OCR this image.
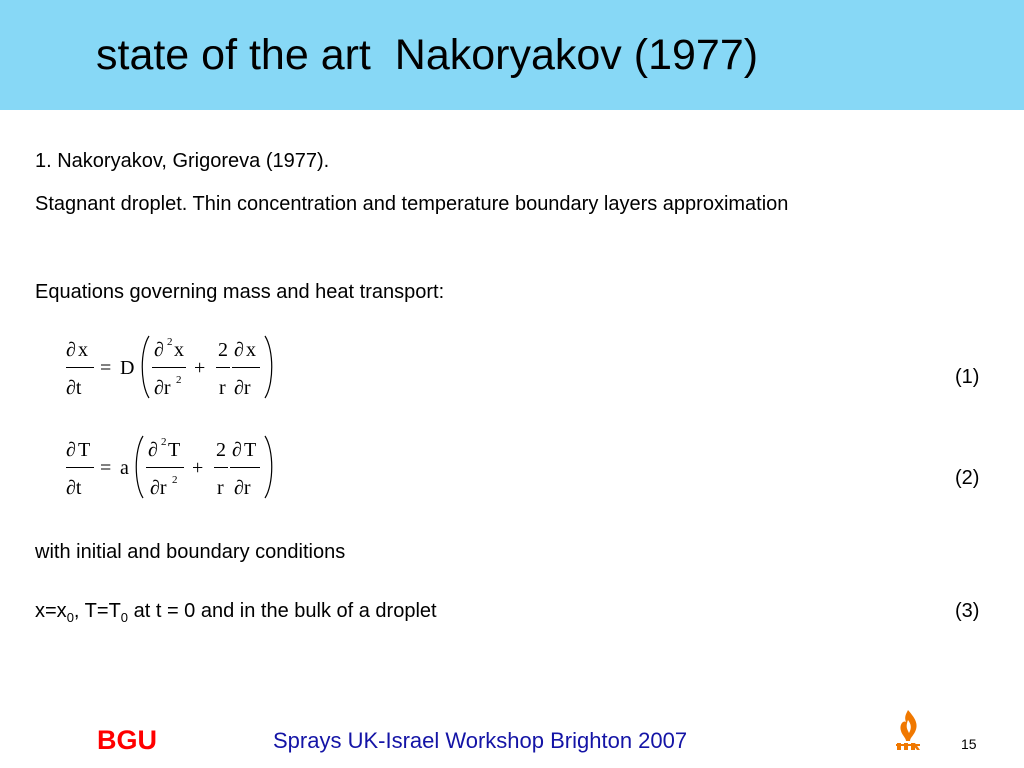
state of the art  Nakoryakov (1977)
1. Nakoryakov, Grigoreva (1977).
Stagnant droplet. Thin concentration and temperature boundary layers approximation
Equations governing mass and heat transport:
∂ x
∂t
= D
∂ 2 x
∂r 2
+
2
r
∂ x
∂r	(1)
∂ T
∂t
= a
∂ 2 T
∂r 2
+
2
r
∂ T
∂r	(2)
with initial and boundary conditions
$x=x_0$, $T=T_0$ at t = 0 and in the bulk of a droplet	(3)
BGU	Sprays UK-Israel Workshop Brighton 2007	15
